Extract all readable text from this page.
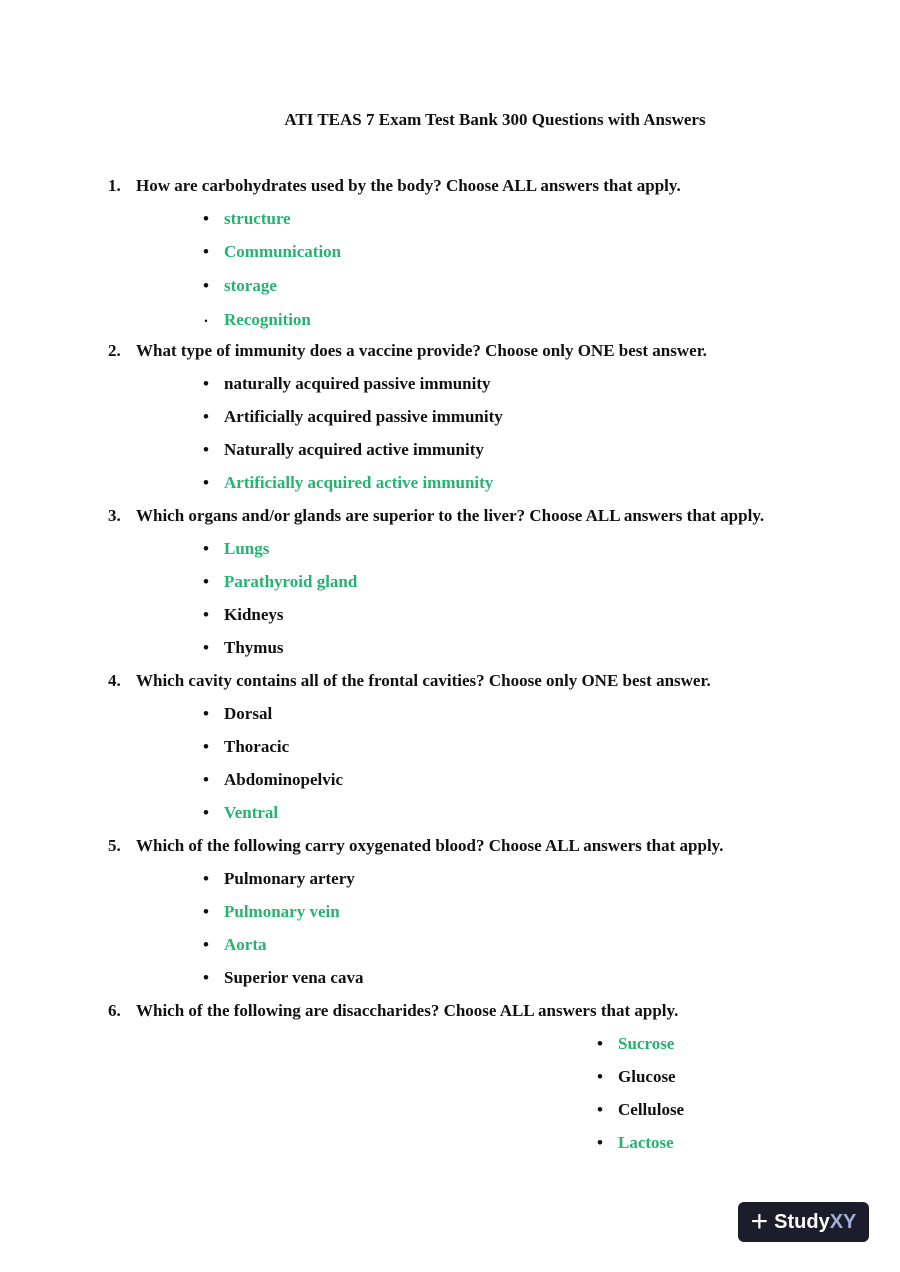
ATI TEAS 7 Exam Test Bank 300 Questions with Answers
1. How are carbohydrates used by the body? Choose ALL answers that apply.
• structure
• Communication
• storage
• Recognition
2. What type of immunity does a vaccine provide? Choose only ONE best answer.
• naturally acquired passive immunity
• Artificially acquired passive immunity
• Naturally acquired active immunity
• Artificially acquired active immunity
3. Which organs and/or glands are superior to the liver? Choose ALL answers that apply.
• Lungs
• Parathyroid gland
• Kidneys
• Thymus
4. Which cavity contains all of the frontal cavities? Choose only ONE best answer.
• Dorsal
• Thoracic
• Abdominopelvic
• Ventral
5. Which of the following carry oxygenated blood? Choose ALL answers that apply.
• Pulmonary artery
• Pulmonary vein
• Aorta
• Superior vena cava
6. Which of the following are disaccharides? Choose ALL answers that apply.
• Sucrose
• Glucose
• Cellulose
• Lactose
+ Study XY
